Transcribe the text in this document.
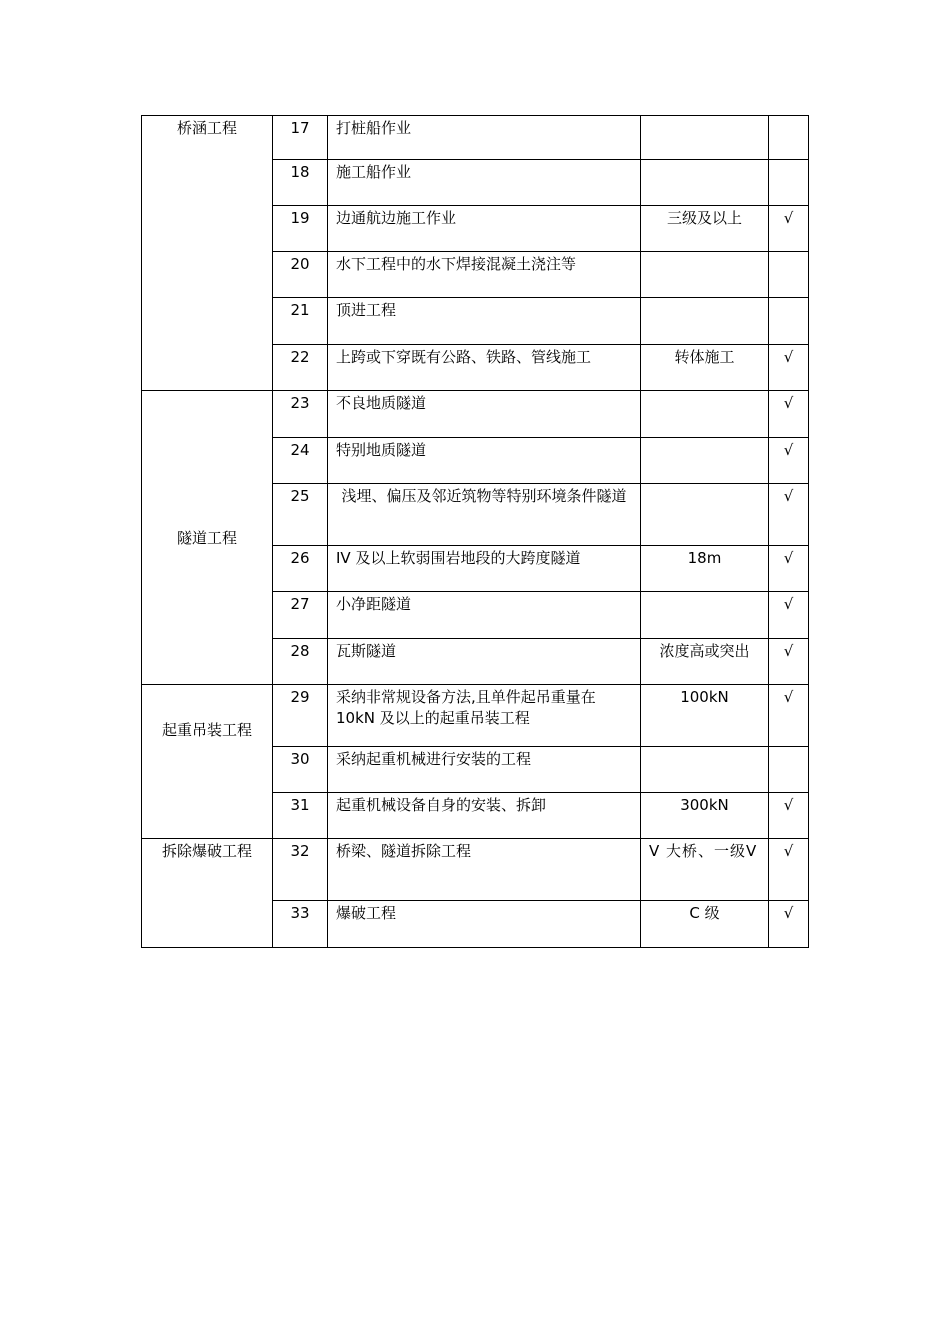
桥涵工程	17	打桩船作业		
	18	施工船作业		
	19	边通航边施工作业	三级及以上	√
	20	水下工程中的水下焊接混凝土浇注等		
	21	顶进工程		
	22	上跨或下穿既有公路、铁路、管线施工	转体施工	√
隧道工程	23	不良地质隧道		√
	24	特别地质隧道		√
	25	浅埋、偏压及邻近筑物等特别环境条件隧道		√
	26	IV 及以上软弱围岩地段的大跨度隧道	18m	√
	27	小净距隧道		√
	28	瓦斯隧道	浓度高或突出	√
起重吊装工程	29	采纳非常规设备方法,且单件起吊重量在10kN 及以上的起重吊装工程	100kN	√
	30	采纳起重机械进行安装的工程		
	31	起重机械设备自身的安装、拆卸	300kN	√
拆除爆破工程	32	桥梁、隧道拆除工程	V 大桥、一级V	√
	33	爆破工程	C 级	√
